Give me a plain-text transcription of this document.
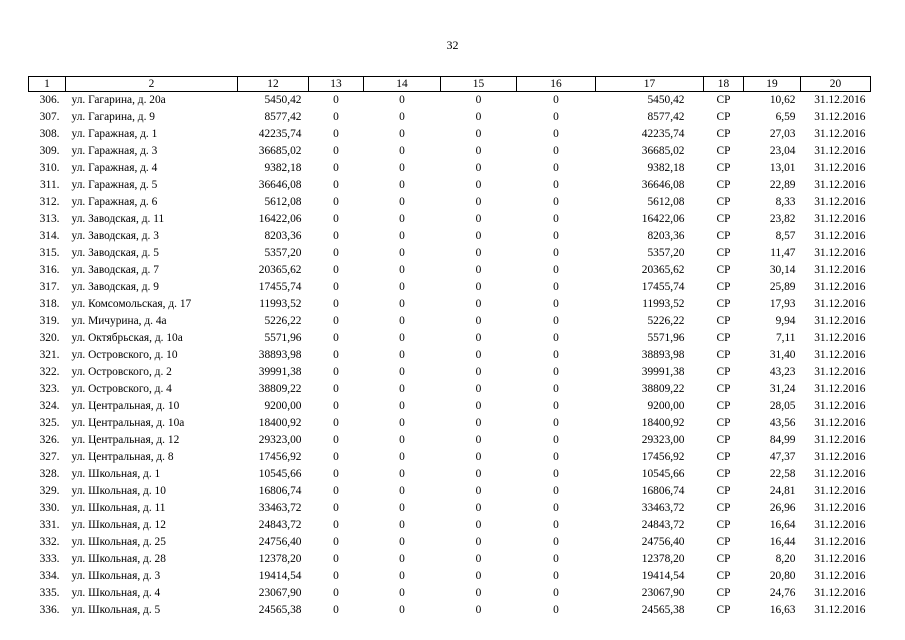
32
1	2	12	13	14	15	16	17	18	19	20
306.	ул. Гагарина, д. 20а	5450,42	0	0	0	0	5450,42	СР	10,62	31.12.2016
307.	ул. Гагарина, д. 9	8577,42	0	0	0	0	8577,42	СР	6,59	31.12.2016
308.	ул. Гаражная, д. 1	42235,74	0	0	0	0	42235,74	СР	27,03	31.12.2016
309.	ул. Гаражная, д. 3	36685,02	0	0	0	0	36685,02	СР	23,04	31.12.2016
310.	ул. Гаражная, д. 4	9382,18	0	0	0	0	9382,18	СР	13,01	31.12.2016
311.	ул. Гаражная, д. 5	36646,08	0	0	0	0	36646,08	СР	22,89	31.12.2016
312.	ул. Гаражная, д. 6	5612,08	0	0	0	0	5612,08	СР	8,33	31.12.2016
313.	ул. Заводская, д. 11	16422,06	0	0	0	0	16422,06	СР	23,82	31.12.2016
314.	ул. Заводская, д. 3	8203,36	0	0	0	0	8203,36	СР	8,57	31.12.2016
315.	ул. Заводская, д. 5	5357,20	0	0	0	0	5357,20	СР	11,47	31.12.2016
316.	ул. Заводская, д. 7	20365,62	0	0	0	0	20365,62	СР	30,14	31.12.2016
317.	ул. Заводская, д. 9	17455,74	0	0	0	0	17455,74	СР	25,89	31.12.2016
318.	ул. Комсомольская, д. 17	11993,52	0	0	0	0	11993,52	СР	17,93	31.12.2016
319.	ул. Мичурина, д. 4а	5226,22	0	0	0	0	5226,22	СР	9,94	31.12.2016
320.	ул. Октябрьская, д. 10а	5571,96	0	0	0	0	5571,96	СР	7,11	31.12.2016
321.	ул. Островского, д. 10	38893,98	0	0	0	0	38893,98	СР	31,40	31.12.2016
322.	ул. Островского, д. 2	39991,38	0	0	0	0	39991,38	СР	43,23	31.12.2016
323.	ул. Островского, д. 4	38809,22	0	0	0	0	38809,22	СР	31,24	31.12.2016
324.	ул. Центральная, д. 10	9200,00	0	0	0	0	9200,00	СР	28,05	31.12.2016
325.	ул. Центральная, д. 10а	18400,92	0	0	0	0	18400,92	СР	43,56	31.12.2016
326.	ул. Центральная, д. 12	29323,00	0	0	0	0	29323,00	СР	84,99	31.12.2016
327.	ул. Центральная, д. 8	17456,92	0	0	0	0	17456,92	СР	47,37	31.12.2016
328.	ул. Школьная, д. 1	10545,66	0	0	0	0	10545,66	СР	22,58	31.12.2016
329.	ул. Школьная, д. 10	16806,74	0	0	0	0	16806,74	СР	24,81	31.12.2016
330.	ул. Школьная, д. 11	33463,72	0	0	0	0	33463,72	СР	26,96	31.12.2016
331.	ул. Школьная, д. 12	24843,72	0	0	0	0	24843,72	СР	16,64	31.12.2016
332.	ул. Школьная, д. 25	24756,40	0	0	0	0	24756,40	СР	16,44	31.12.2016
333.	ул. Школьная, д. 28	12378,20	0	0	0	0	12378,20	СР	8,20	31.12.2016
334.	ул. Школьная, д. 3	19414,54	0	0	0	0	19414,54	СР	20,80	31.12.2016
335.	ул. Школьная, д. 4	23067,90	0	0	0	0	23067,90	СР	24,76	31.12.2016
336.	ул. Школьная, д. 5	24565,38	0	0	0	0	24565,38	СР	16,63	31.12.2016
